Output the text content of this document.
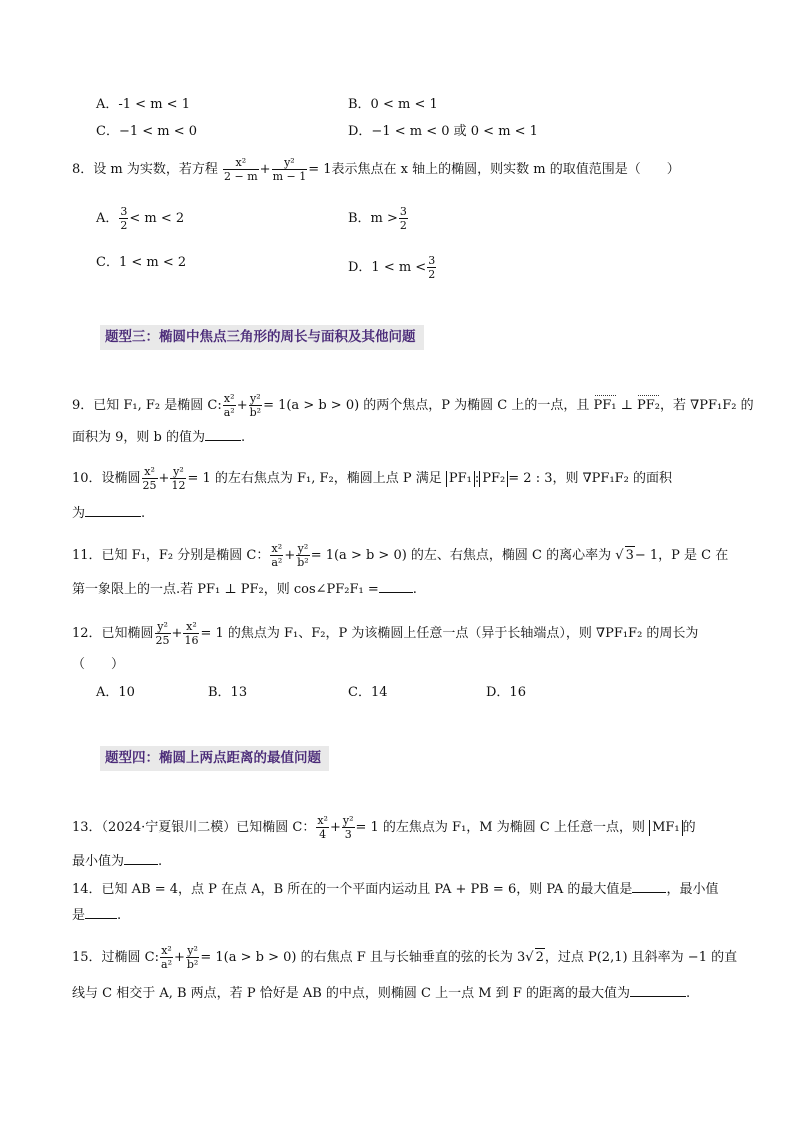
A．-1 < m < 1	B．0 < m < 1
C．−1 < m < 0	D．−1 < m < 0 或 0 < m < 1
8．设 m 为实数，若方程 $\frac{\text{x²}}{2 - m} + \frac{\text{y²}}{m - 1} = 1$表示焦点在 x 轴上的椭圆，则实数 m 的取值范围是（　　）
A． $\frac{3}{2} < m < 2$	B．$m > \frac{3}{2}$
C．1 < m < 2	D．$1 < m < \frac{3}{2}$
题型三：椭圆中焦点三角形的周长与面积及其他问题
9．已知 F₁, F₂ 是椭圆 C: $\frac{\text{x²}}{\text{a²}} + \frac{\text{y²}}{\text{b²}} = 1(a > b > 0)$ 的两个焦点，P 为椭圆 C 上的一点，且 PF₁ ⊥ PF₂，若 ∇PF₁F₂ 的
面积为 9，则 b 的值为	.
10．设椭圆 $\frac{\text{x²}}{25} + \frac{\text{y²}}{12} = 1$ 的左右焦点为 F₁, F₂，椭圆上点 P 满足 PF₁ : PF₂ = 2 : 3，则 ∇PF₁F₂ 的面积
为	.
11．已知 F₁，F₂ 分别是椭圆 C： $\frac{\text{x²}}{\text{a²}} + \frac{\text{y²}}{\text{b²}} = 1(a > b > 0)$ 的左、右焦点，椭圆 C 的离心率为 √ 3− 1，P 是 C 在
第一象限上的一点.若 PF₁ ⊥ PF₂，则 cos∠PF₂F₁ =	.
12．已知椭圆 $\frac{\text{y²}}{25} + \frac{\text{x²}}{16} = 1$ 的焦点为 F₁、F₂，P 为该椭圆上任意一点（异于长轴端点），则 ∇PF₁F₂ 的周长为
（　　）
A．10	B．13	C．14	D．16
题型四：椭圆上两点距离的最值问题
13．（2024·宁夏银川二模）已知椭圆 C： $\frac{\text{x²}}{4} + \frac{\text{y²}}{3} = 1$ 的左焦点为 F₁，M 为椭圆 C 上任意一点，则 MF₁ 的
最小值为	.
14．已知 AB = 4，点 P 在点 A，B 所在的一个平面内运动且 PA + PB = 6，则 PA 的最大值是	，最小值
是 .
15．过椭圆 C: $\frac{\text{x²}}{\text{a²}} + \frac{\text{y²}}{\text{b²}} = 1(a > b > 0)$ 的右焦点 F 且与长轴垂直的弦的长为 3√ 2，过点 P(2,1) 且斜率为 −1 的直
线与 C 相交于 A, B 两点，若 P 恰好是 AB 的中点，则椭圆 C 上一点 M 到 F 的距离的最大值为	.
